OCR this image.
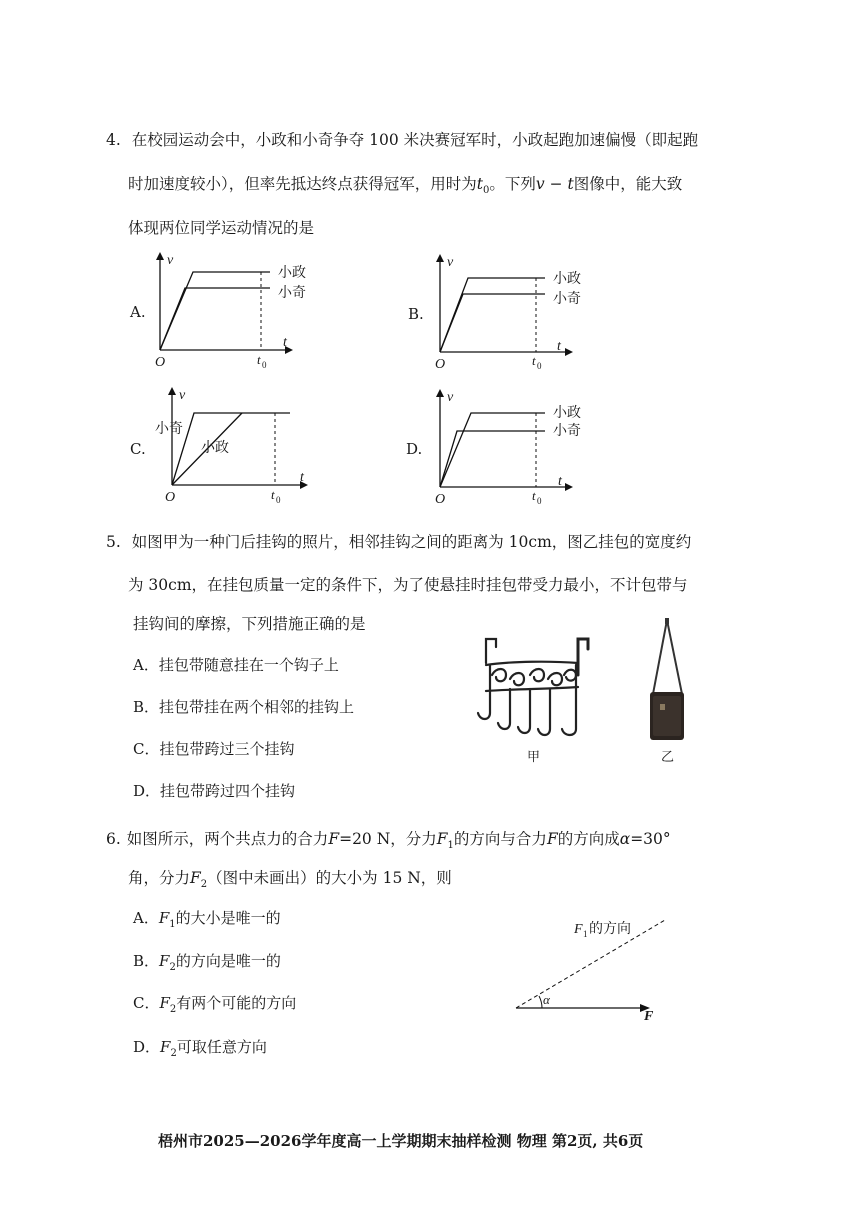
4. 在校园运动会中，小政和小奇争夺 100 米决赛冠军时，小政起跑加速偏慢（即起跑
时加速度较小），但率先抵达终点获得冠军，用时为$t_0$。下列v − t图像中，能大致
体现两位同学运动情况的是
A.
v
t
O	t 0
小政
小奇
B.
v
t
O	t 0
小政
小奇
C.
v
t
O	t 0
小奇
小政	D.
v
t
O	t 0
小政
小奇
5. 如图甲为一种门后挂钩的照片，相邻挂钩之间的距离为 10cm，图乙挂包的宽度约
为 30cm，在挂包质量一定的条件下，为了使悬挂时挂包带受力最小，不计包带与
挂钩间的摩擦，下列措施正确的是
A．挂包带随意挂在一个钩子上
B．挂包带挂在两个相邻的挂钩上
C．挂包带跨过三个挂钩
D．挂包带跨过四个挂钩
甲	乙
6. 如图所示，两个共点力的合力F=20 N，分力$F_1$的方向与合力F的方向成α=30°
角，分力$F_2$（图中未画出）的大小为 15 N，则
A．$F_1$的大小是唯一的
B．$F_2$的方向是唯一的
C．$F_2$有两个可能的方向
D．$F_2$可取任意方向
α
F
F 1 的方向
梧州市2025—2026学年度高一上学期期末抽样检测 物理 第2页, 共6页
